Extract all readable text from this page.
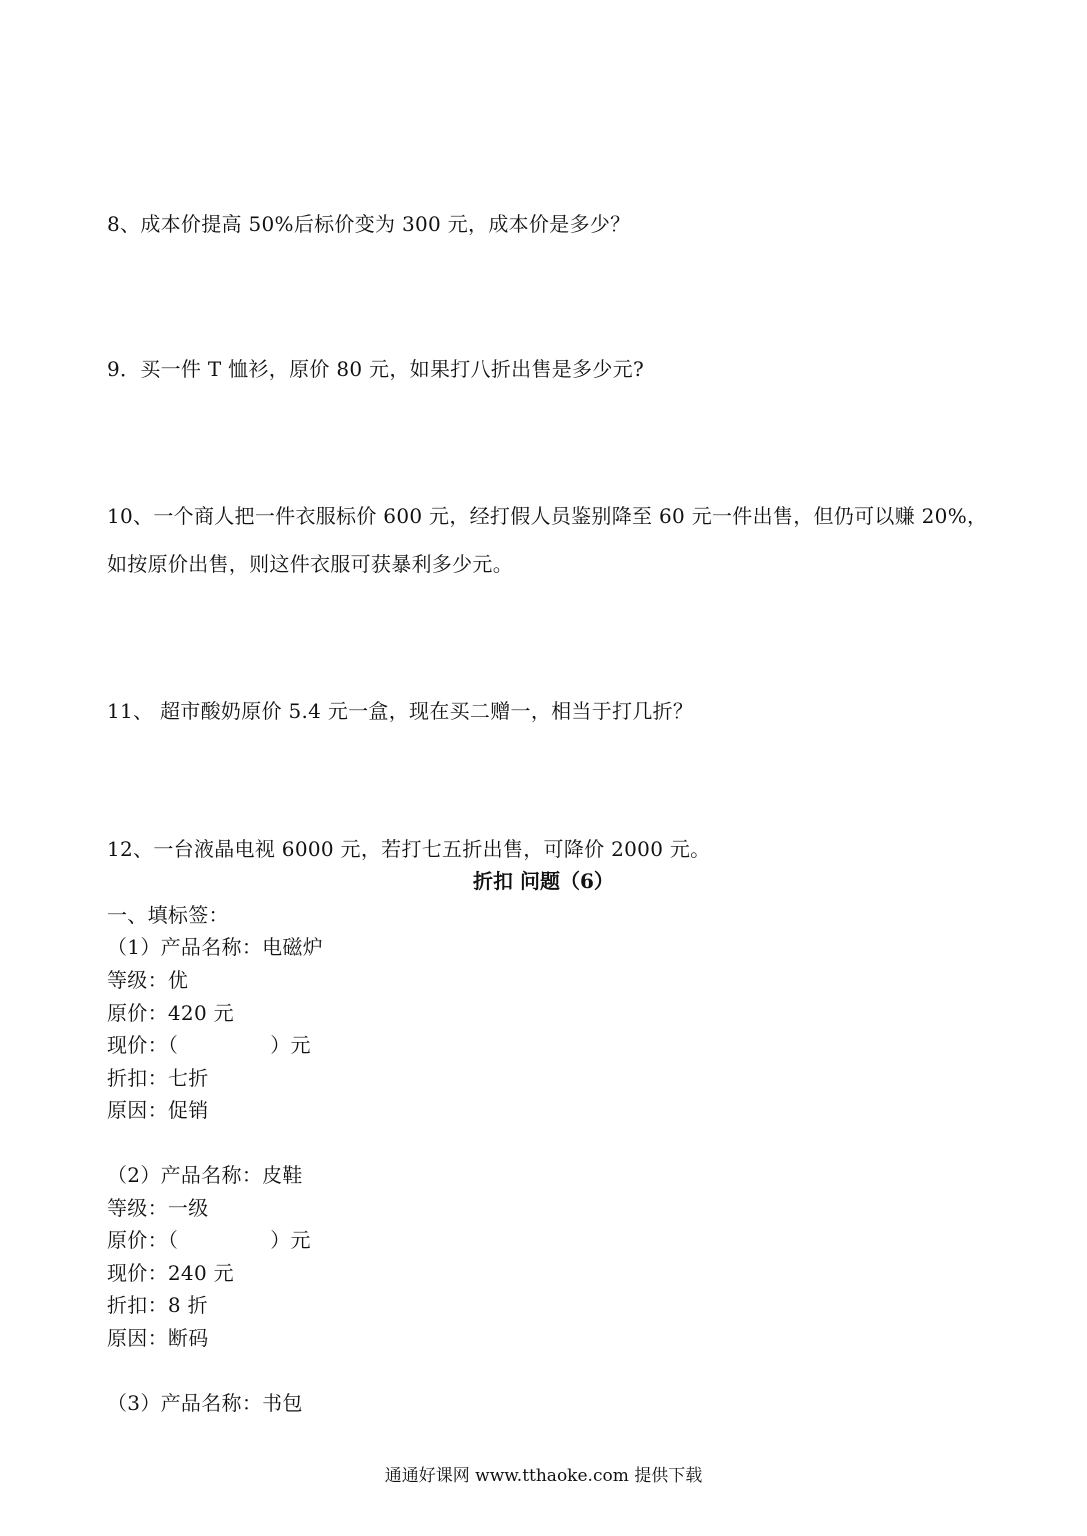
8、成本价提高 50%后标价变为 300 元，成本价是多少？
9．买一件 T 恤衫，原价 80 元，如果打八折出售是多少元?
10、一个商人把一件衣服标价 600 元，经打假人员鉴别降至 60 元一件出售，但仍可以赚 20%，
如按原价出售，则这件衣服可获暴利多少元。
11、 超市酸奶原价 5.4 元一盒，现在买二赠一，相当于打几折？
12、一台液晶电视 6000 元，若打七五折出售，可降价 2000 元。
折扣 问题（6）
一、填标签：
（1）产品名称：电磁炉
等级：优
原价：420 元
现价：（	）元
折扣：七折
原因：促销
（2）产品名称：皮鞋
等级：一级
原价：（	）元
现价：240 元
折扣：8 折
原因：断码
（3）产品名称：书包
通通好课网 www.tthaoke.com 提供下载
